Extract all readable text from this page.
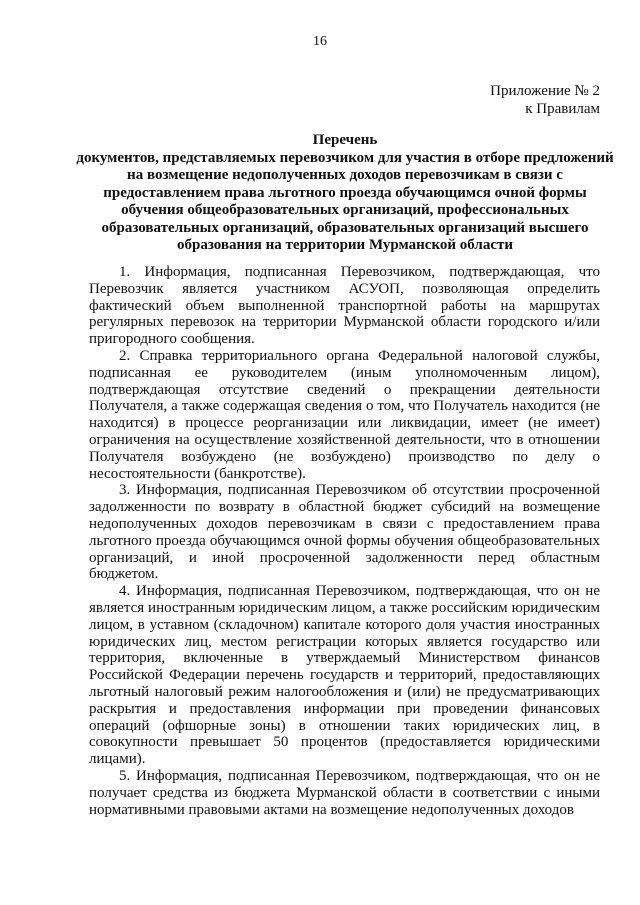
16
Приложение № 2
к Правилам
Перечень
документов, представляемых перевозчиком для участия в отборе предложений на возмещение недополученных доходов перевозчикам в связи с предоставлением права льготного проезда обучающимся очной формы обучения общеобразовательных организаций, профессиональных образовательных организаций, образовательных организаций высшего образования на территории Мурманской области

1. Информация, подписанная Перевозчиком, подтверждающая, что Перевозчик является участником АСУОП, позволяющая определить фактический объем выполненной транспортной работы на маршрутах регулярных перевозок на территории Мурманской области городского и/или пригородного сообщения.

2. Справка территориального органа Федеральной налоговой службы, подписанная ее руководителем (иным уполномоченным лицом), подтверждающая отсутствие сведений о прекращении деятельности Получателя, а также содержащая сведения о том, что Получатель находится (не находится) в процессе реорганизации или ликвидации, имеет (не имеет) ограничения на осуществление хозяйственной деятельности, что в отношении Получателя возбуждено (не возбуждено) производство по делу о несостоятельности (банкротстве).

3. Информация, подписанная Перевозчиком об отсутствии просроченной задолженности по возврату в областной бюджет субсидий на возмещение недополученных доходов перевозчикам в связи с предоставлением права льготного проезда обучающимся очной формы обучения общеобразовательных организаций, и иной просроченной задолженности перед областным бюджетом.

4. Информация, подписанная Перевозчиком, подтверждающая, что он не является иностранным юридическим лицом, а также российским юридическим лицом, в уставном (складочном) капитале которого доля участия иностранных юридических лиц, местом регистрации которых является государство или территория, включенные в утверждаемый Министерством финансов Российской Федерации перечень государств и территорий, предоставляющих льготный налоговый режим налогообложения и (или) не предусматривающих раскрытия и предоставления информации при проведении финансовых операций (офшорные зоны) в отношении таких юридических лиц, в совокупности превышает 50 процентов (предоставляется юридическими лицами).

5. Информация, подписанная Перевозчиком, подтверждающая, что он не получает средства из бюджета Мурманской области в соответствии с иными нормативными правовыми актами на возмещение недополученных доходов
